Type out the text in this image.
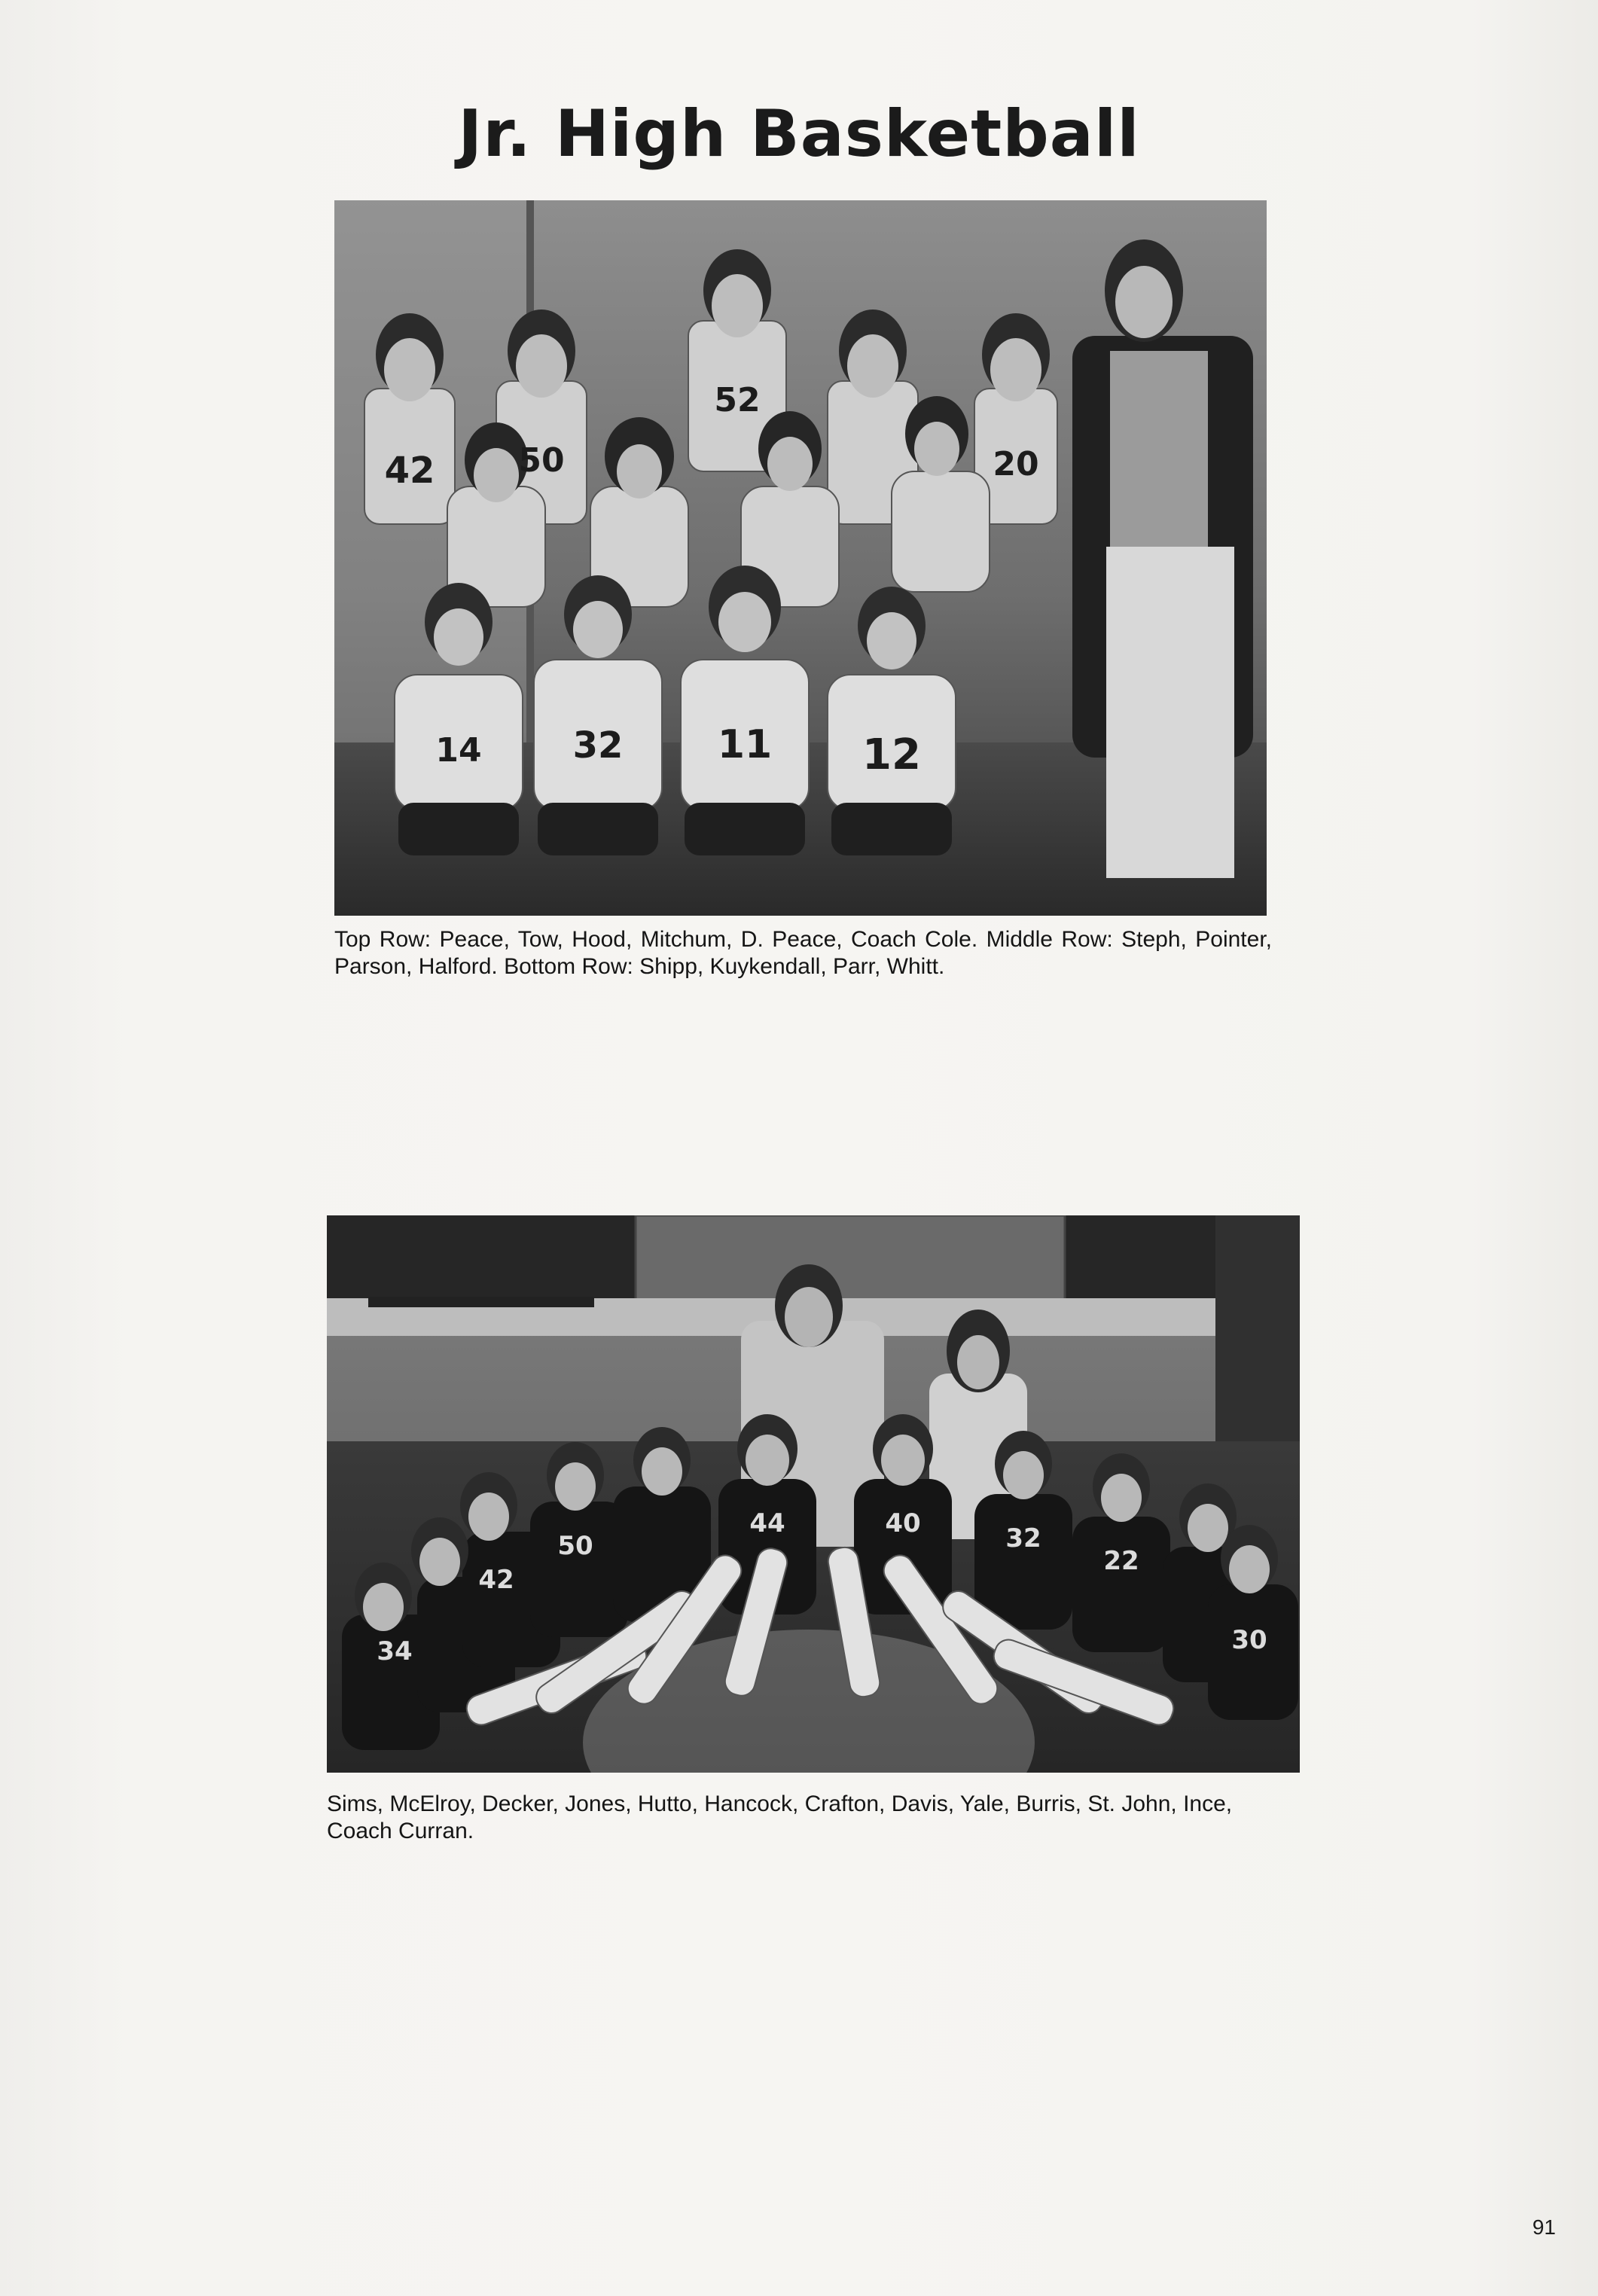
Jr. High Basketball
42	50
52
20
14	32 11 12
Top Row: Peace, Tow, Hood, Mitchum, D. Peace, Coach Cole. Middle Row: Steph, Pointer, Parson, Halford. Bottom Row: Shipp, Kuykendall, Parr, Whitt.
34
42
50
44	40	32
22
30
Sims, McElroy, Decker, Jones, Hutto, Hancock, Crafton, Davis, Yale, Burris, St. John, Ince, Coach Curran.
91
